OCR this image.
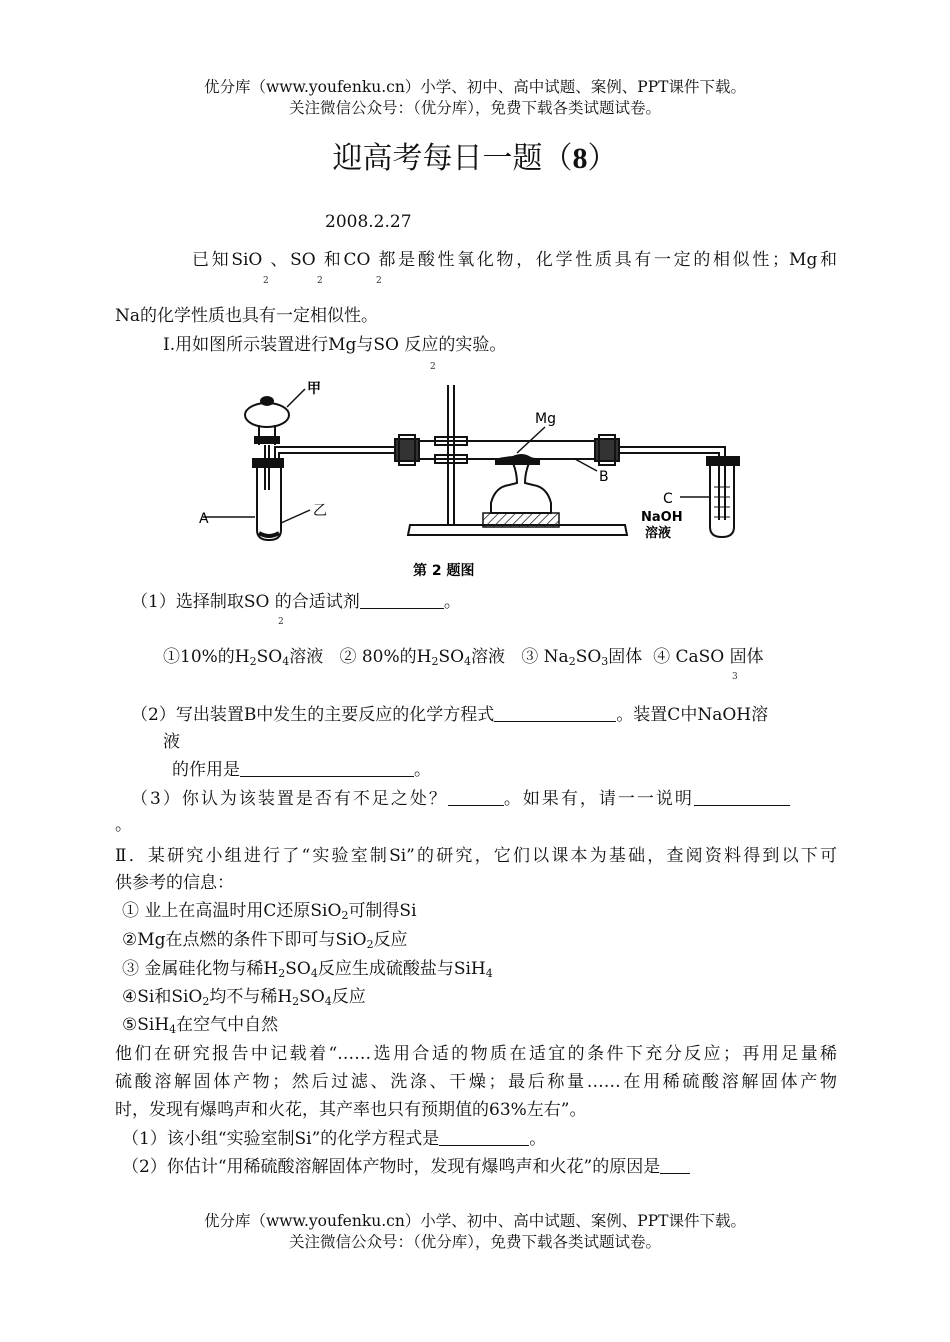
优分库（www.youfenku.cn）小学、初中、高中试题、案例、PPT课件下载。
关注微信公众号：（优分库），免费下载各类试题试卷。
迎高考每日一题（8）
2008.2.27
已知SiO 、SO 和CO 都是酸性氧化物，化学性质具有一定的相似性；Mg和
2	2	2
Na的化学性质也具有一定相似性。
I.用如图所示装置进行Mg与SO 反应的实验。
2
甲
A	乙
Mg
B
C
NaOH
溶液
第 2 题图
（1）选择制取SO 的合适试剂	。
2
①10%的$H_2SO_4$溶液 ② 80%的$H_2SO_4$溶液 ③ $Na_2SO_3$固体 ④ CaSO 固体
3
（2）写出装置B中发生的主要反应的化学方程式	。装置C中NaOH溶
液
的作用是	。
（3）你认为该装置是否有不足之处？	。如果有，请一一说明
。
Ⅱ．某研究小组进行了“实验室制Si”的研究，它们以课本为基础，查阅资料得到以下可
供参考的信息：
① 业上在高温时用C还原SiO$_2$可制得Si
②Mg在点燃的条件下即可与SiO$_2$反应
③ 金属硅化物与稀$H_2SO_4$反应生成硫酸盐与SiH$_4$
④Si和SiO$_2$均不与稀$H_2SO_4$反应
⑤SiH$_4$在空气中自然
他们在研究报告中记载着“……选用合适的物质在适宜的条件下充分反应；再用足量稀
硫酸溶解固体产物；然后过滤、洗涤、干燥；最后称量……在用稀硫酸溶解固体产物
时，发现有爆鸣声和火花，其产率也只有预期值的63%左右”。
（1）该小组“实验室制Si”的化学方程式是	。
（2）你估计“用稀硫酸溶解固体产物时，发现有爆鸣声和火花”的原因是
优分库（www.youfenku.cn）小学、初中、高中试题、案例、PPT课件下载。
关注微信公众号：（优分库），免费下载各类试题试卷。
